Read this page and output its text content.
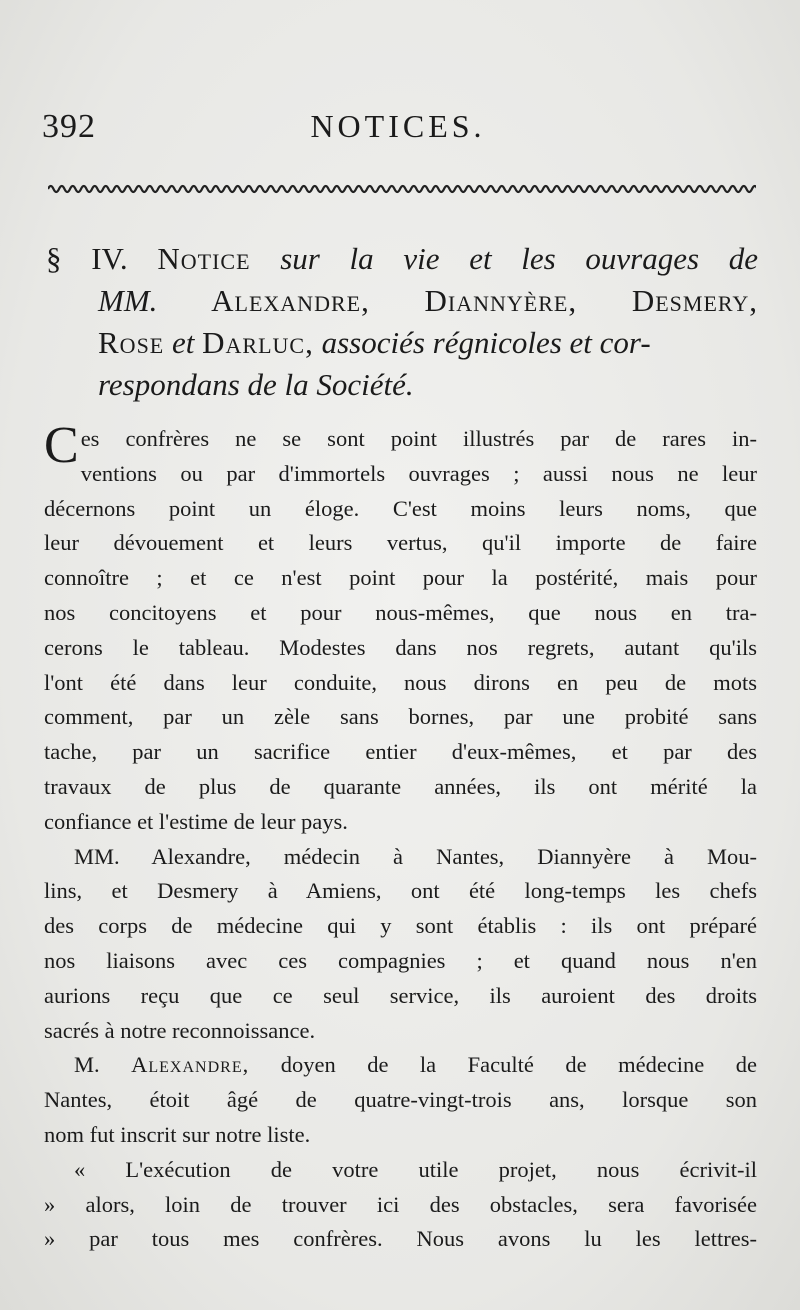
392	NOTICES.
§ IV. Notice sur la vie et les ouvrages de
MM. Alexandre, Diannyère, Desmery,
Rose et Darluc, associés régnicoles et cor-
respondans de la Société.
C es confrères ne se sont point illustrés par de rares in-
ventions ou par d'immortels ouvrages ; aussi nous ne leur
décernons point un éloge. C'est moins leurs noms, que
leur dévouement et leurs vertus, qu'il importe de faire
connoître ; et ce n'est point pour la postérité, mais pour
nos concitoyens et pour nous-mêmes, que nous en tra-
cerons le tableau. Modestes dans nos regrets, autant qu'ils
l'ont été dans leur conduite, nous dirons en peu de mots
comment, par un zèle sans bornes, par une probité sans
tache, par un sacrifice entier d'eux-mêmes, et par des
travaux de plus de quarante années, ils ont mérité la
confiance et l'estime de leur pays.
MM. Alexandre, médecin à Nantes, Diannyère à Mou-
lins, et Desmery à Amiens, ont été long-temps les chefs
des corps de médecine qui y sont établis : ils ont préparé
nos liaisons avec ces compagnies ; et quand nous n'en
aurions reçu que ce seul service, ils auroient des droits
sacrés à notre reconnoissance.
M. Alexandre, doyen de la Faculté de médecine de
Nantes, étoit âgé de quatre-vingt-trois ans, lorsque son
nom fut inscrit sur notre liste.
« L'exécution de votre utile projet, nous écrivit-il
» alors, loin de trouver ici des obstacles, sera favorisée
» par tous mes confrères. Nous avons lu les lettres-
